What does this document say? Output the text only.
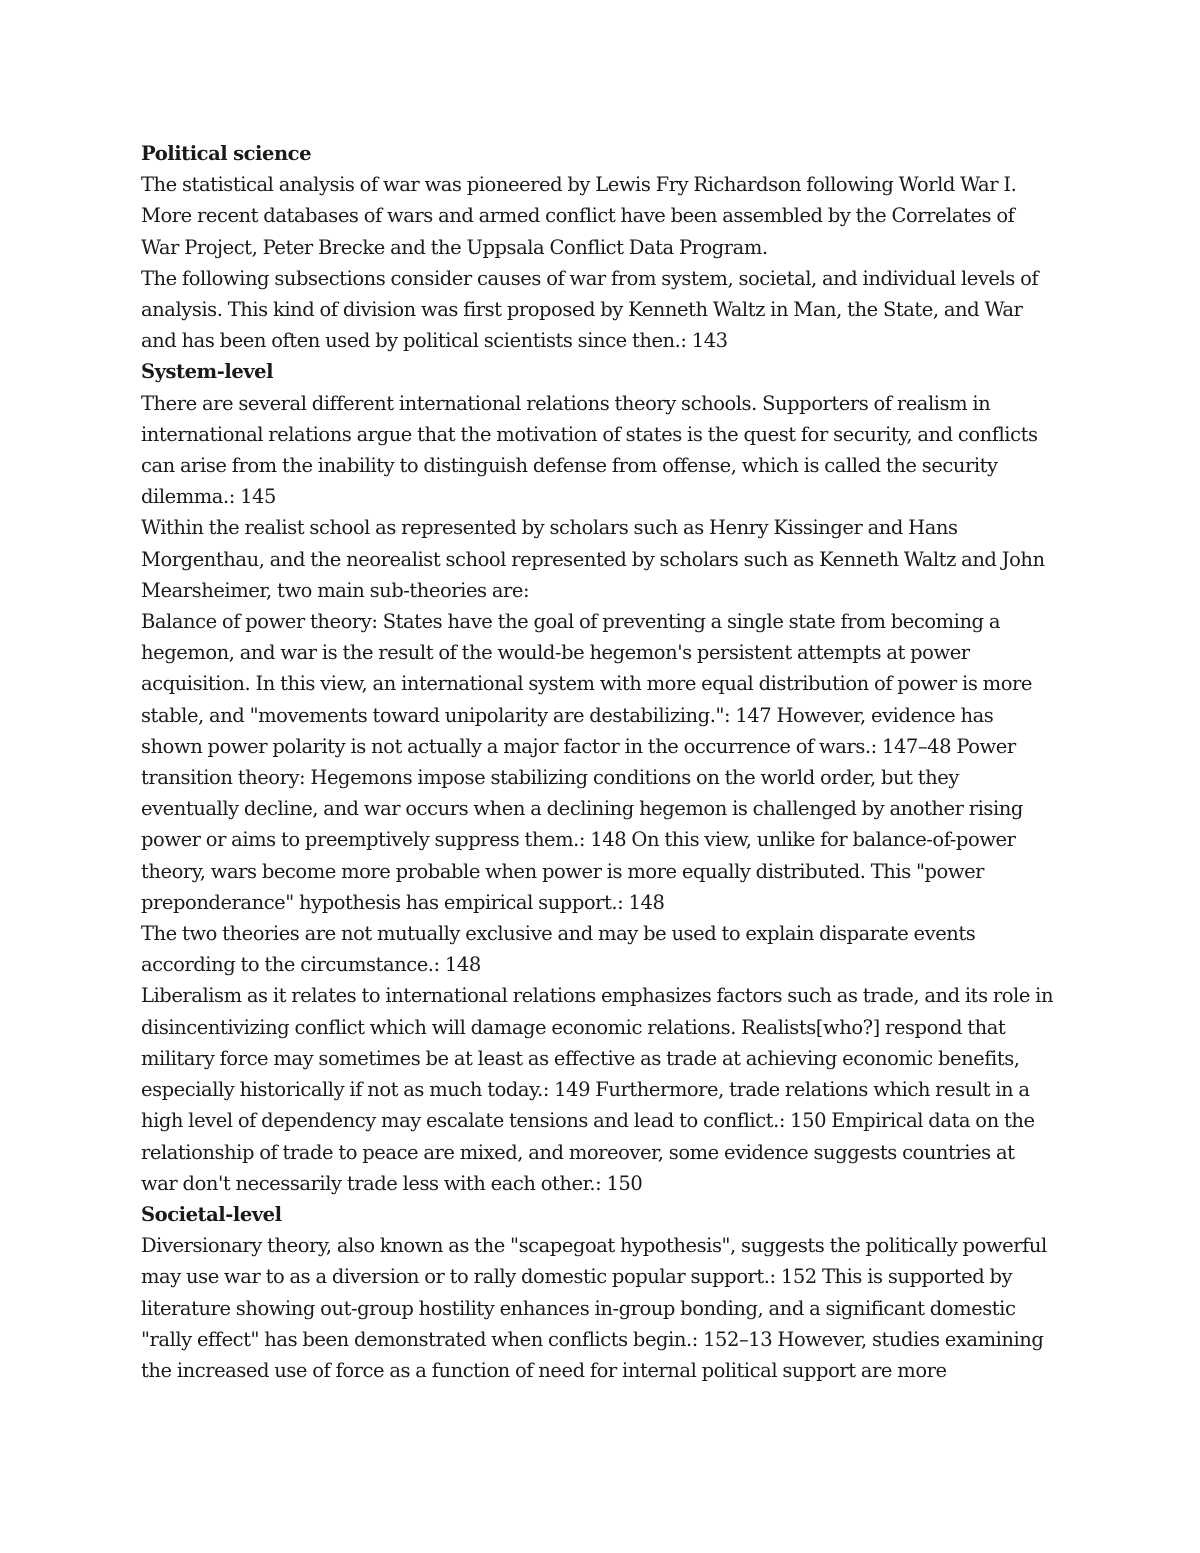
Political science

The statistical analysis of war was pioneered by Lewis Fry Richardson following World War I. More recent databases of wars and armed conflict have been assembled by the Correlates of War Project, Peter Brecke and the Uppsala Conflict Data Program.

The following subsections consider causes of war from system, societal, and individual levels of analysis. This kind of division was first proposed by Kenneth Waltz in Man, the State, and War and has been often used by political scientists since then.: 143

System-level

There are several different international relations theory schools. Supporters of realism in international relations argue that the motivation of states is the quest for security, and conflicts can arise from the inability to distinguish defense from offense, which is called the security dilemma.: 145

Within the realist school as represented by scholars such as Henry Kissinger and Hans Morgenthau, and the neorealist school represented by scholars such as Kenneth Waltz and John Mearsheimer, two main sub-theories are:

Balance of power theory: States have the goal of preventing a single state from becoming a hegemon, and war is the result of the would-be hegemon's persistent attempts at power acquisition. In this view, an international system with more equal distribution of power is more stable, and "movements toward unipolarity are destabilizing.": 147 However, evidence has shown power polarity is not actually a major factor in the occurrence of wars.: 147–48 Power transition theory: Hegemons impose stabilizing conditions on the world order, but they eventually decline, and war occurs when a declining hegemon is challenged by another rising power or aims to preemptively suppress them.: 148 On this view, unlike for balance-of-power theory, wars become more probable when power is more equally distributed. This "power preponderance" hypothesis has empirical support.: 148

The two theories are not mutually exclusive and may be used to explain disparate events according to the circumstance.: 148

Liberalism as it relates to international relations emphasizes factors such as trade, and its role in disincentivizing conflict which will damage economic relations. Realists[who?] respond that military force may sometimes be at least as effective as trade at achieving economic benefits, especially historically if not as much today.: 149 Furthermore, trade relations which result in a high level of dependency may escalate tensions and lead to conflict.: 150 Empirical data on the relationship of trade to peace are mixed, and moreover, some evidence suggests countries at war don't necessarily trade less with each other.: 150

Societal-level

Diversionary theory, also known as the "scapegoat hypothesis", suggests the politically powerful may use war to as a diversion or to rally domestic popular support.: 152 This is supported by literature showing out-group hostility enhances in-group bonding, and a significant domestic "rally effect" has been demonstrated when conflicts begin.: 152–13 However, studies examining the increased use of force as a function of need for internal political support are more
